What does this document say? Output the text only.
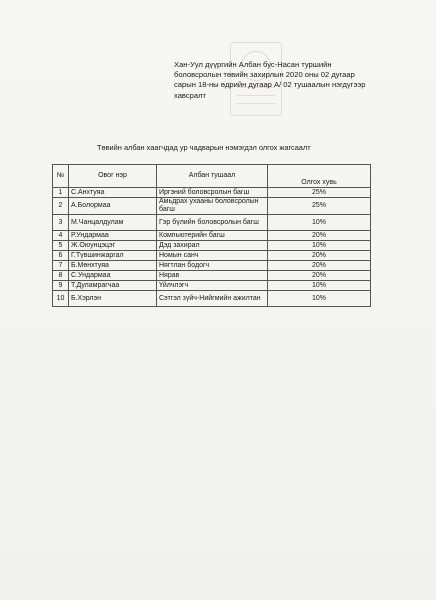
Хан-Уул дүүргийн Албан бус-Насан туршийн
боловсролын төвийн захирлын 2020 оны 02 дугаар
сарын 18-ны өдрийн дугаар А/ 02 тушаалын нэгдүгээр
хавсралт
Төвийн албан хаагчдад ур чадварын нэмэгдэл олгох жагсаалт
№	Овог нэр	Албан тушаал	Олгох хувь
1	С.Анхтуяа	Иргэний боловсролын багш	25%
2	А.Болормаа	Амьдрах ухааны боловсролын багш	25%
3	М.Чанцалдулам	Гэр бүлийн боловсролын багш	10%
4	Р.Ундармаа	Компьютерийн багш	20%
5	Ж.Оюунцэцэг	Дэд захирал	10%
6	Г.Түвшинжаргал	Номын санч	20%
7	Б.Мөнхтуяа	Нягтлан бодогч	20%
8	С.Ундармаа	Нярав	20%
9	Т.Дуламрагчаа	Үйлчлэгч	10%
10	Б.Хэрлэн	Сэтгэл зүйч-Нийгмийн ажилтан	10%
